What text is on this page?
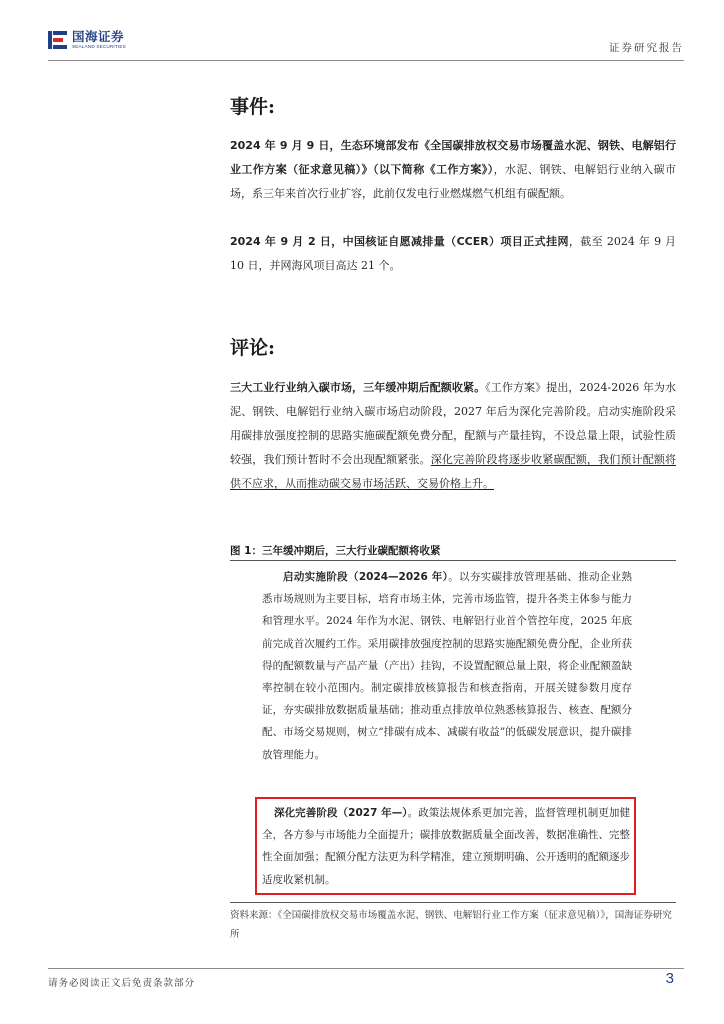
国海证券
SEALAND SECURITIES	证券研究报告
事件:
2024 年 9 月 9 日，生态环境部发布《全国碳排放权交易市场覆盖水泥、钢铁、电解铝行业工作方案（征求意见稿）》（以下简称《工作方案》），水泥、钢铁、电解铝行业纳入碳市场，系三年来首次行业扩容，此前仅发电行业燃煤燃气机组有碳配额。
2024 年 9 月 2 日，中国核证自愿减排量（CCER）项目正式挂网，截至 2024 年 9 月 10 日，并网海风项目高达 21 个。
评论:
三大工业行业纳入碳市场，三年缓冲期后配额收紧。《工作方案》提出，2024-2026 年为水泥、钢铁、电解铝行业纳入碳市场启动阶段，2027 年后为深化完善阶段。启动实施阶段采用碳排放强度控制的思路实施碳配额免费分配，配额与产量挂钩，不设总量上限，试验性质较强，我们预计暂时不会出现配额紧张。深化完善阶段将逐步收紧碳配额，我们预计配额将供不应求，从而推动碳交易市场活跃、交易价格上升。
图 1：三年缓冲期后，三大行业碳配额将收紧
启动实施阶段（2024—2026 年）。以夯实碳排放管理基础、推动企业熟悉市场规则为主要目标，培育市场主体，完善市场监管，提升各类主体参与能力和管理水平。2024 年作为水泥、钢铁、电解铝行业首个管控年度，2025 年底前完成首次履约工作。采用碳排放强度控制的思路实施配额免费分配，企业所获得的配额数量与产品产量（产出）挂钩，不设置配额总量上限，将企业配额盈缺率控制在较小范围内。制定碳排放核算报告和核查指南，开展关键参数月度存证，夯实碳排放数据质量基础；推动重点排放单位熟悉核算报告、核查、配额分配、市场交易规则，树立“排碳有成本、减碳有收益”的低碳发展意识，提升碳排放管理能力。
深化完善阶段（2027 年—）。政策法规体系更加完善，监督管理机制更加健全，各方参与市场能力全面提升；碳排放数据质量全面改善，数据准确性、完整性全面加强；配额分配方法更为科学精准，建立预期明确、公开透明的配额逐步适度收紧机制。
资料来源：《全国碳排放权交易市场覆盖水泥、钢铁、电解铝行业工作方案（征求意见稿）》，国海证券研究所
请务必阅读正文后免责条款部分	3
